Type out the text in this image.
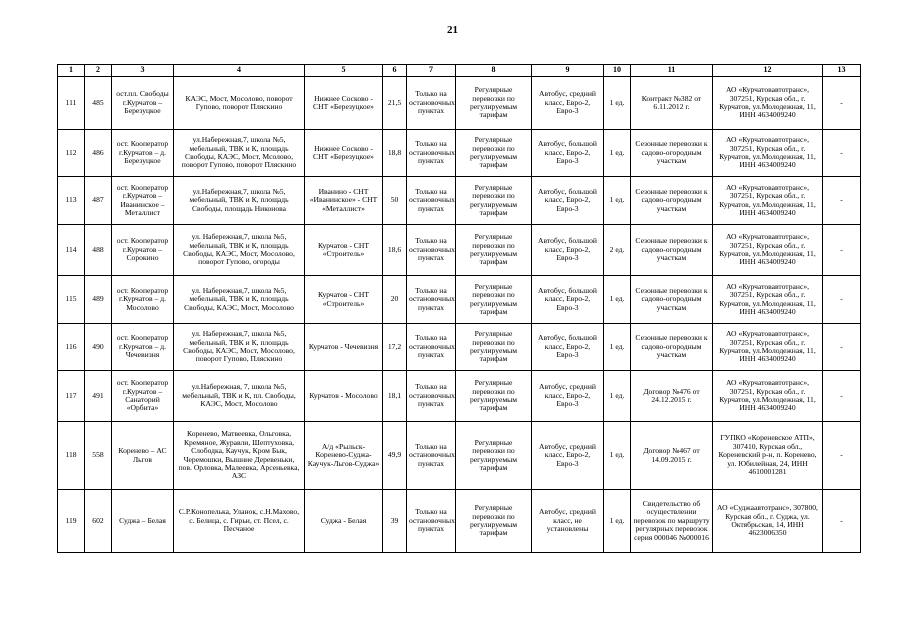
21
1	2	3	4	5	6	7	8	9	10	11	12	13
111	485	ост.пл. Свободы г.Курчатов – Березуцкое	КАЭС, Мост, Мосолово, поворот Гупово, поворот Пляскино	Нижнее Сосково - СНТ «Березуцкое»	21,5	Только на остановочных пунктах	Регулярные перевозки по регулируемым тарифам	Автобус, средний класс, Евро-2, Евро-3	1 ед.	Контракт №382 от 6.11.2012 г.	АО «Курчатовавтотранс», 307251, Курская обл., г. Курчатов, ул.Молодежная, 11, ИНН 4634009240	-
112	486	ост. Кооператор г.Курчатов – д. Березуцкое	ул.Набережная,7, школа №5, мебельный, ТВК и К, площадь Свободы, КАЭС, Мост, Мсолово, поворот Гупово, поворот Пляскино	Нижнее Сосково - СНТ «Березуцкое»	18,8	Только на остановочных пунктах	Регулярные перевозки по регулируемым тарифам	Автобус, большой класс, Евро-2, Евро-3	1 ед.	Сезонные перевозки к садово-огородным участкам	АО «Курчатовавтотранс», 307251, Курская обл., г. Курчатов, ул.Молодежная, 11, ИНН 4634009240	-
113	487	ост. Кооператор г.Курчатов – Иванинское – Металлист	ул.Набережная,7, школа №5, мебельный, ТВК и К, площадь Свободы, площадь Никонова	Иванино - СНТ «Иванинское» - СНТ «Металлист»	50	Только на остановочных пунктах	Регулярные перевозки по регулируемым тарифам	Автобус, большой класс, Евро-2, Евро-3	1 ед.	Сезонные перевозки к садово-огородным участкам	АО «Курчатовавтотранс», 307251, Курская обл., г. Курчатов, ул.Молодежная, 11, ИНН 4634009240	-
114	488	ост. Кооператор г.Курчатов – Сорокино	ул. Набережная,7, школа №5, мебельный, ТВК и К, площадь Свободы, КАЭС, Мост, Мосолово, поворот Гупово, огороды	Курчатов - СНТ «Строитель»	18,6	Только на остановочных пунктах	Регулярные перевозки по регулируемым тарифам	Автобус, большой класс, Евро-2, Евро-3	2 ед.	Сезонные перевозки к садово-огородным участкам	АО «Курчатовавтотранс», 307251, Курская обл., г. Курчатов, ул.Молодежная, 11, ИНН 4634009240	-
115	489	ост. Кооператор г.Курчатов – д. Мосолово	ул. Набережная,7, школа №5, мебельный, ТВК и К, площадь Свободы, КАЭС, Мост, Мосолово	Курчатов - СНТ «Строитель»	20	Только на остановочных пунктах	Регулярные перевозки по регулируемым тарифам	Автобус, большой класс, Евро-2, Евро-3	1 ед.	Сезонные перевозки к садово-огородным участкам	АО «Курчатовавтотранс», 307251, Курская обл., г. Курчатов, ул.Молодежная, 11, ИНН 4634009240	-
116	490	ост. Кооператор г.Курчатов – д. Чечевизня	ул. Набережная,7, школа №5, мебельный, ТВК и К, площадь Свободы, КАЭС, Мост, Мосолово, поворот Гупово, Пляскино	Курчатов - Чечевизня	17,2	Только на остановочных пунктах	Регулярные перевозки по регулируемым тарифам	Автобус, большой класс, Евро-2, Евро-3	1 ед.	Сезонные перевозки к садово-огородным участкам	АО «Курчатовавтотранс», 307251, Курская обл., г. Курчатов, ул.Молодежная, 11, ИНН 4634009240	-
117	491	ост. Кооператор г.Курчатов – Санаторий «Орбита»	ул.Набережная, 7, школа №5, мебельный, ТВК и К, пл. Свободы, КАЭС, Мост, Мосолово	Курчатов - Мосолово	18,1	Только на остановочных пунктах	Регулярные перевозки по регулируемым тарифам	Автобус, средний класс, Евро-2, Евро-3	1 ед.	Договор №476 от 24.12.2015 г.	АО «Курчатовавтотранс», 307251, Курская обл., г. Курчатов, ул.Молодежная, 11, ИНН 4634009240	-
118	558	Коренево – АС Льгов	Коренево, Матвеевка, Ольговка, Кремяное, Журавли, Шептуховка, Слободка, Каучук, Кром Бык, Черемошки, Вышние Деревеньки, пов. Орловка, Малеевка, Арсеньевка, АЗС	А/д «Рыльск-Коренево-Суджа-Каучук-Льгов-Суджа»	49,9	Только на остановочных пунктах	Регулярные перевозки по регулируемым тарифам	Автобус, средний класс, Евро-2, Евро-3	1 ед.	Договор №467 от 14.09.2015 г.	ГУПКО «Кореневское АТП», 307410, Курская обл., Кореневский р-н, п. Коренево, ул. Юбилейная, 24, ИНН 4610001281	-
119	602	Суджа – Белая	С.Р.Конопелька, Уланок, с.Н.Махово, с. Белица, с. Гирьи, ст. Псел, с. Песчаное	Суджа - Белая	39	Только на остановочных пунктах	Регулярные перевозки по регулируемым тарифам	Автобус, средний класс, не установлены	1 ед.	Свидетельство об осуществлении перевозок по маршруту регулярных перевозок серия 000046 №000016	АО «Суджаавтотранс», 307800, Курская обл., г. Суджа, ул. Октябрьская, 14, ИНН 4623006350	-
